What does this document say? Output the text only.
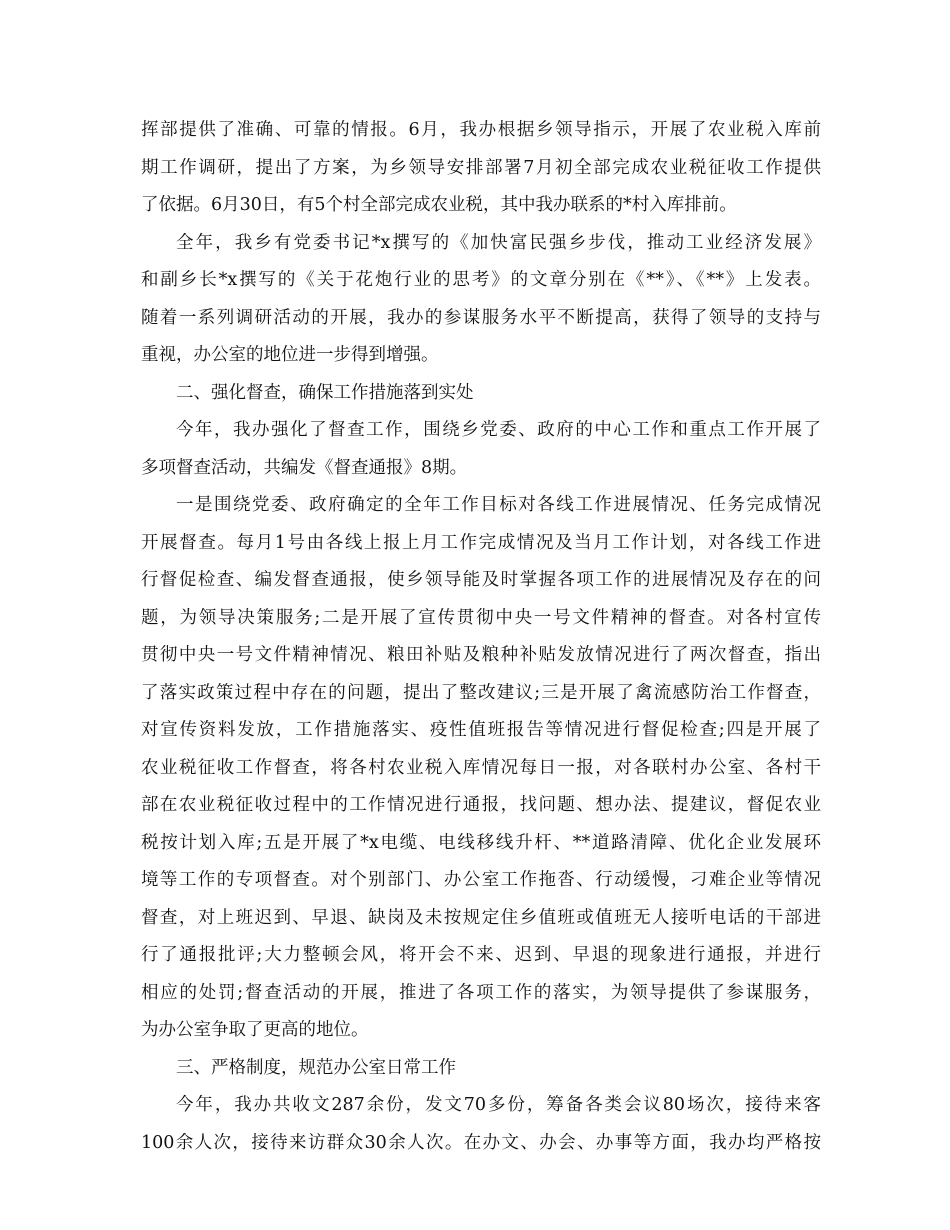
挥部提供了准确、可靠的情报。6月，我办根据乡领导指示，开展了农业税入库前
期工作调研，提出了方案，为乡领导安排部署7月初全部完成农业税征收工作提供
了依据。6月30日，有5个村全部完成农业税，其中我办联系的*村入库排前。

全年，我乡有党委书记*x撰写的《加快富民强乡步伐，推动工业经济发展》
和副乡长*x撰写的《关于花炮行业的思考》的文章分别在《**》、《**》上发表。
随着一系列调研活动的开展，我办的参谋服务水平不断提高，获得了领导的支持与
重视，办公室的地位进一步得到增强。

二、强化督查，确保工作措施落到实处

今年，我办强化了督查工作，围绕乡党委、政府的中心工作和重点工作开展了
多项督查活动，共编发《督查通报》8期。

一是围绕党委、政府确定的全年工作目标对各线工作进展情况、任务完成情况
开展督查。每月1号由各线上报上月工作完成情况及当月工作计划，对各线工作进
行督促检查、编发督查通报，使乡领导能及时掌握各项工作的进展情况及存在的问
题，为领导决策服务;二是开展了宣传贯彻中央一号文件精神的督查。对各村宣传
贯彻中央一号文件精神情况、粮田补贴及粮种补贴发放情况进行了两次督查，指出
了落实政策过程中存在的问题，提出了整改建议;三是开展了禽流感防治工作督查，
对宣传资料发放，工作措施落实、疫性值班报告等情况进行督促检查;四是开展了
农业税征收工作督查，将各村农业税入库情况每日一报，对各联村办公室、各村干
部在农业税征收过程中的工作情况进行通报，找问题、想办法、提建议，督促农业
税按计划入库;五是开展了*x电缆、电线移线升杆、**道路清障、优化企业发展环
境等工作的专项督查。对个别部门、办公室工作拖沓、行动缓慢，刁难企业等情况
督查，对上班迟到、早退、缺岗及未按规定住乡值班或值班无人接听电话的干部进
行了通报批评;大力整顿会风，将开会不来、迟到、早退的现象进行通报，并进行
相应的处罚;督查活动的开展，推进了各项工作的落实，为领导提供了参谋服务，
为办公室争取了更高的地位。

三、严格制度，规范办公室日常工作

今年，我办共收文287余份，发文70多份，筹备各类会议80场次，接待来客
100余人次，接待来访群众30余人次。在办文、办会、办事等方面，我办均严格按
